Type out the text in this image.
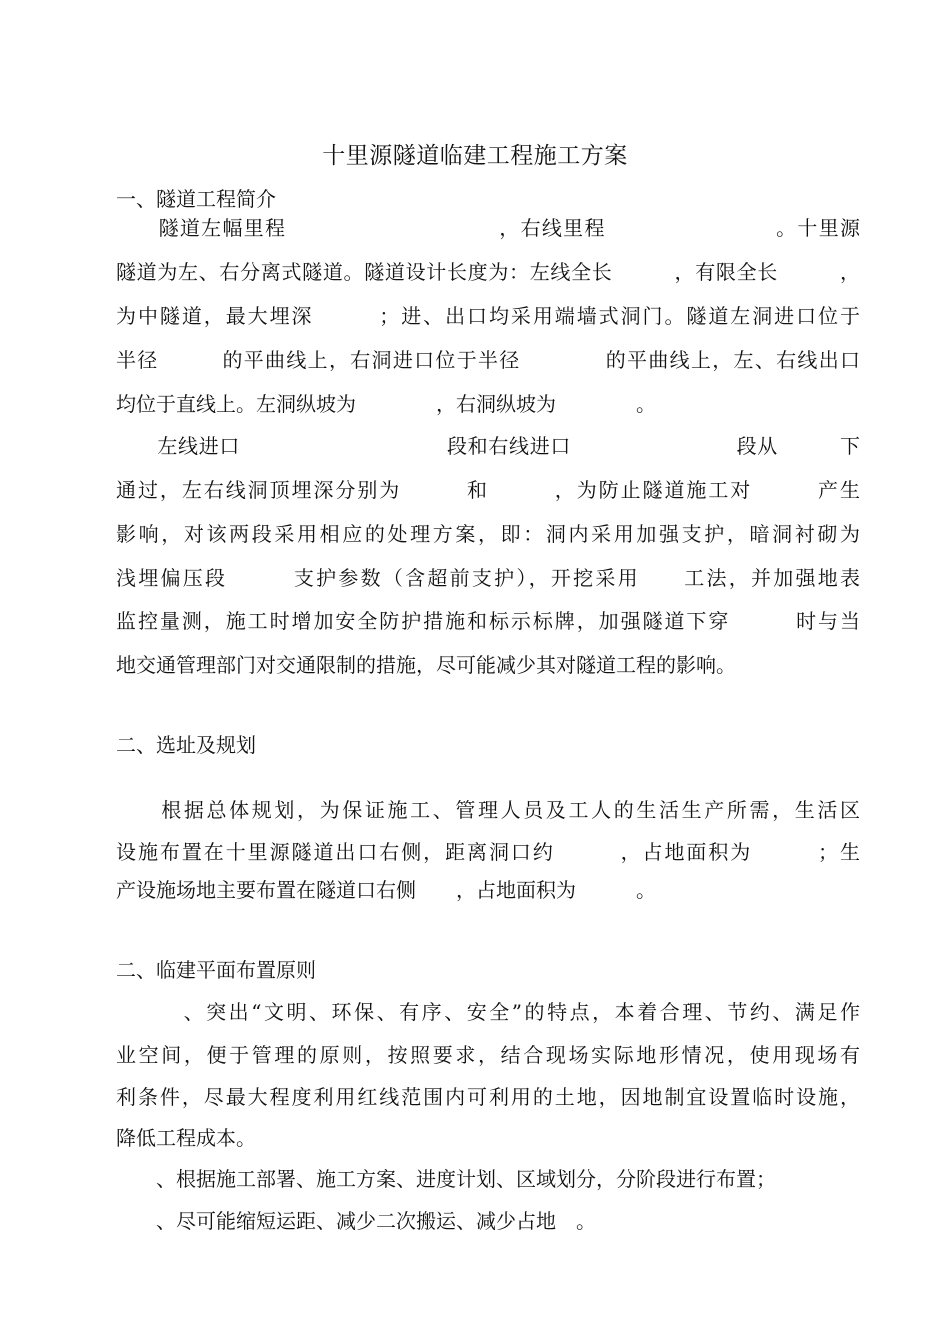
十里源隧道临建工程施工方案
一、隧道工程简介
　　隧道左幅里程　　　　　　　　　　，右线里程　　　　　　　　。十里源
隧道为左、右分离式隧道。隧道设计长度为：左线全长　　　，有限全长　　　，
为中隧道，最大埋深　　　；进、出口均采用端墙式洞门。隧道左洞进口位于
半径　　　的平曲线上，右洞进口位于半径　　　　的平曲线上，左、右线出口
均位于直线上。左洞纵坡为　　　　，右洞纵坡为　　　　。
　　左线进口　　　　　　　　　　段和右线进口　　　　　　　　段从　　　下
通过，左右线洞顶埋深分别为　　　和　　　，为防止隧道施工对　　　产生
影响，对该两段采用相应的处理方案，即：洞内采用加强支护，暗洞衬砌为
浅埋偏压段　　　支护参数（含超前支护），开挖采用　　工法，并加强地表
监控量测，施工时增加安全防护措施和标示标牌，加强隧道下穿　　　时与当
地交通管理部门对交通限制的措施，尽可能减少其对隧道工程的影响。
二、选址及规划
　　根据总体规划，为保证施工、管理人员及工人的生活生产所需，生活区
设施布置在十里源隧道出口右侧，距离洞口约　　　，占地面积为　　　；生
产设施场地主要布置在隧道口右侧　　，占地面积为　　　。
二、临建平面布置原则
　　　、突出“文明、环保、有序、安全”的特点，本着合理、节约、满足作
业空间，便于管理的原则，按照要求，结合现场实际地形情况，使用现场有
利条件，尽最大程度利用红线范围内可利用的土地，因地制宜设置临时设施，
降低工程成本。
　　、根据施工部署、施工方案、进度计划、区域划分，分阶段进行布置；
　　、尽可能缩短运距、减少二次搬运、减少占地　。
